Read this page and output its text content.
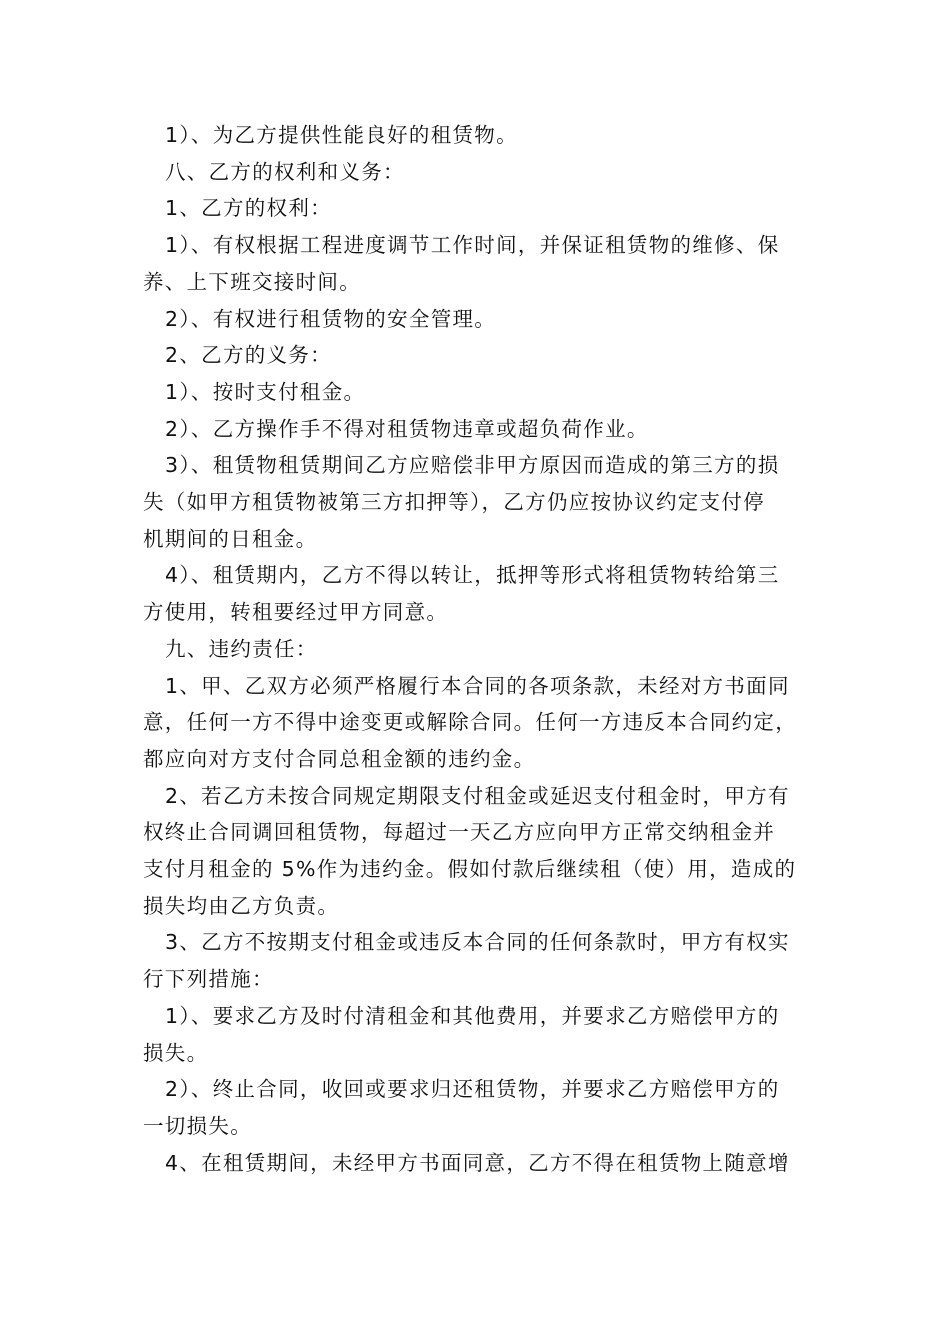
1）、为乙方提供性能良好的租赁物。

八、乙方的权利和义务：

1、乙方的权利：

1）、有权根据工程进度调节工作时间，并保证租赁物的维修、保
养、上下班交接时间。

2）、有权进行租赁物的安全管理。

2、乙方的义务：

1）、按时支付租金。

2）、乙方操作手不得对租赁物违章或超负荷作业。

3）、租赁物租赁期间乙方应赔偿非甲方原因而造成的第三方的损
失（如甲方租赁物被第三方扣押等），乙方仍应按协议约定支付停
机期间的日租金。

4）、租赁期内，乙方不得以转让，抵押等形式将租赁物转给第三
方使用，转租要经过甲方同意。

九、违约责任：

1、甲、乙双方必须严格履行本合同的各项条款，未经对方书面同
意，任何一方不得中途变更或解除合同。任何一方违反本合同约定，
都应向对方支付合同总租金额的违约金。

2、若乙方未按合同规定期限支付租金或延迟支付租金时，甲方有
权终止合同调回租赁物，每超过一天乙方应向甲方正常交纳租金并
支付月租金的 5%作为违约金。假如付款后继续租（使）用，造成的
损失均由乙方负责。

3、乙方不按期支付租金或违反本合同的任何条款时，甲方有权实
行下列措施：

1）、要求乙方及时付清租金和其他费用，并要求乙方赔偿甲方的
损失。

2）、终止合同，收回或要求归还租赁物，并要求乙方赔偿甲方的
一切损失。

4、在租赁期间，未经甲方书面同意，乙方不得在租赁物上随意增
